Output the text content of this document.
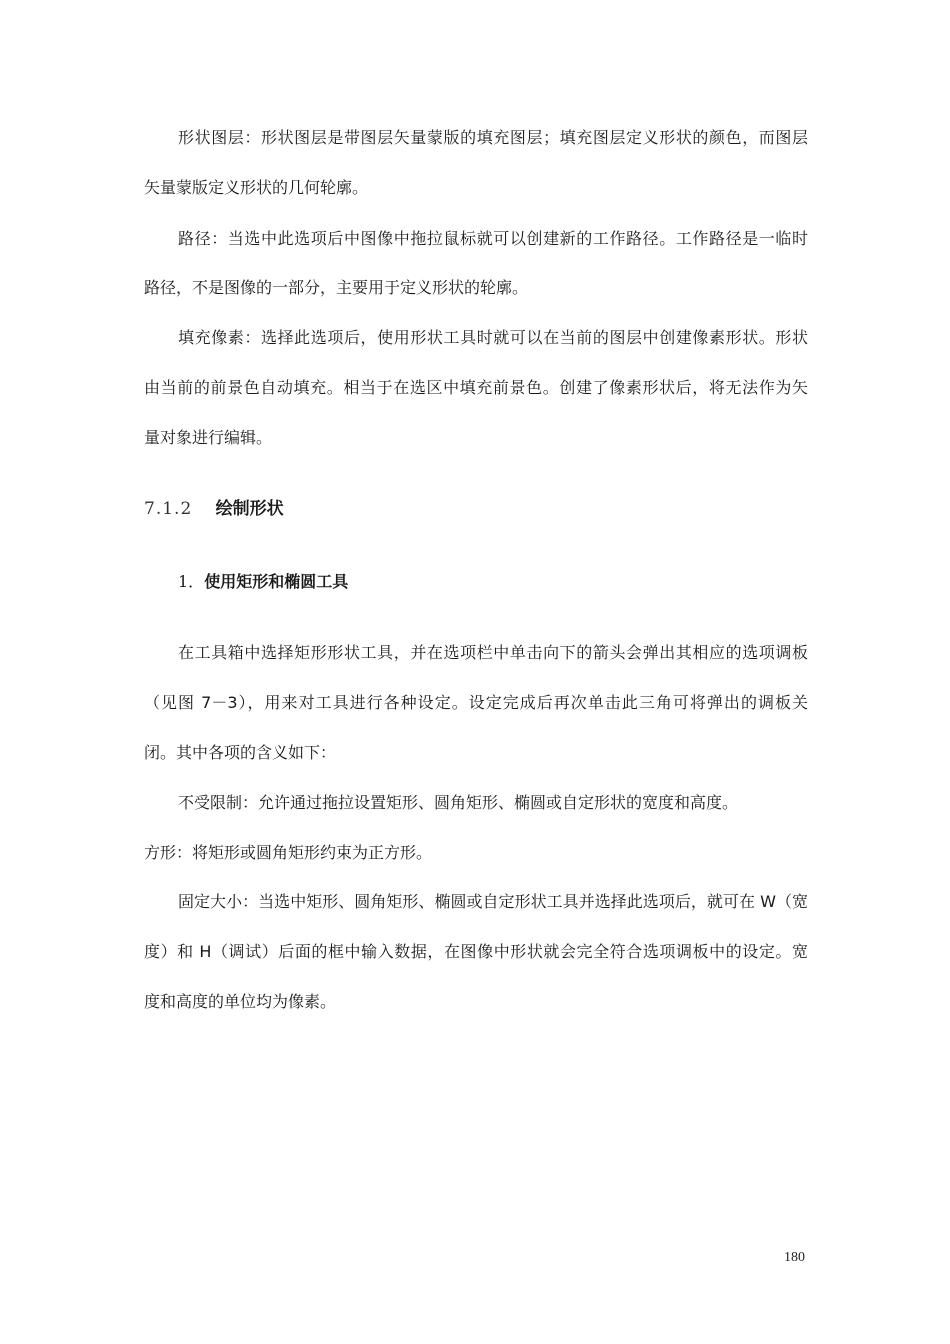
形状图层：形状图层是带图层矢量蒙版的填充图层；填充图层定义形状的颜色，而图层
矢量蒙版定义形状的几何轮廓。
路径：当选中此选项后中图像中拖拉鼠标就可以创建新的工作路径。工作路径是一临时
路径，不是图像的一部分，主要用于定义形状的轮廓。
填充像素：选择此选项后，使用形状工具时就可以在当前的图层中创建像素形状。形状
由当前的前景色自动填充。相当于在选区中填充前景色。创建了像素形状后，将无法作为矢
量对象进行编辑。
7.1.2 绘制形状
1．使用矩形和椭圆工具
在工具箱中选择矩形形状工具，并在选项栏中单击向下的箭头会弹出其相应的选项调板
（见图 7－3），用来对工具进行各种设定。设定完成后再次单击此三角可将弹出的调板关
闭。其中各项的含义如下：
不受限制：允许通过拖拉设置矩形、圆角矩形、椭圆或自定形状的宽度和高度。
方形：将矩形或圆角矩形约束为正方形。
固定大小：当选中矩形、圆角矩形、椭圆或自定形状工具并选择此选项后，就可在 W（宽
度）和 H（调试）后面的框中输入数据，在图像中形状就会完全符合选项调板中的设定。宽
度和高度的单位均为像素。
180
